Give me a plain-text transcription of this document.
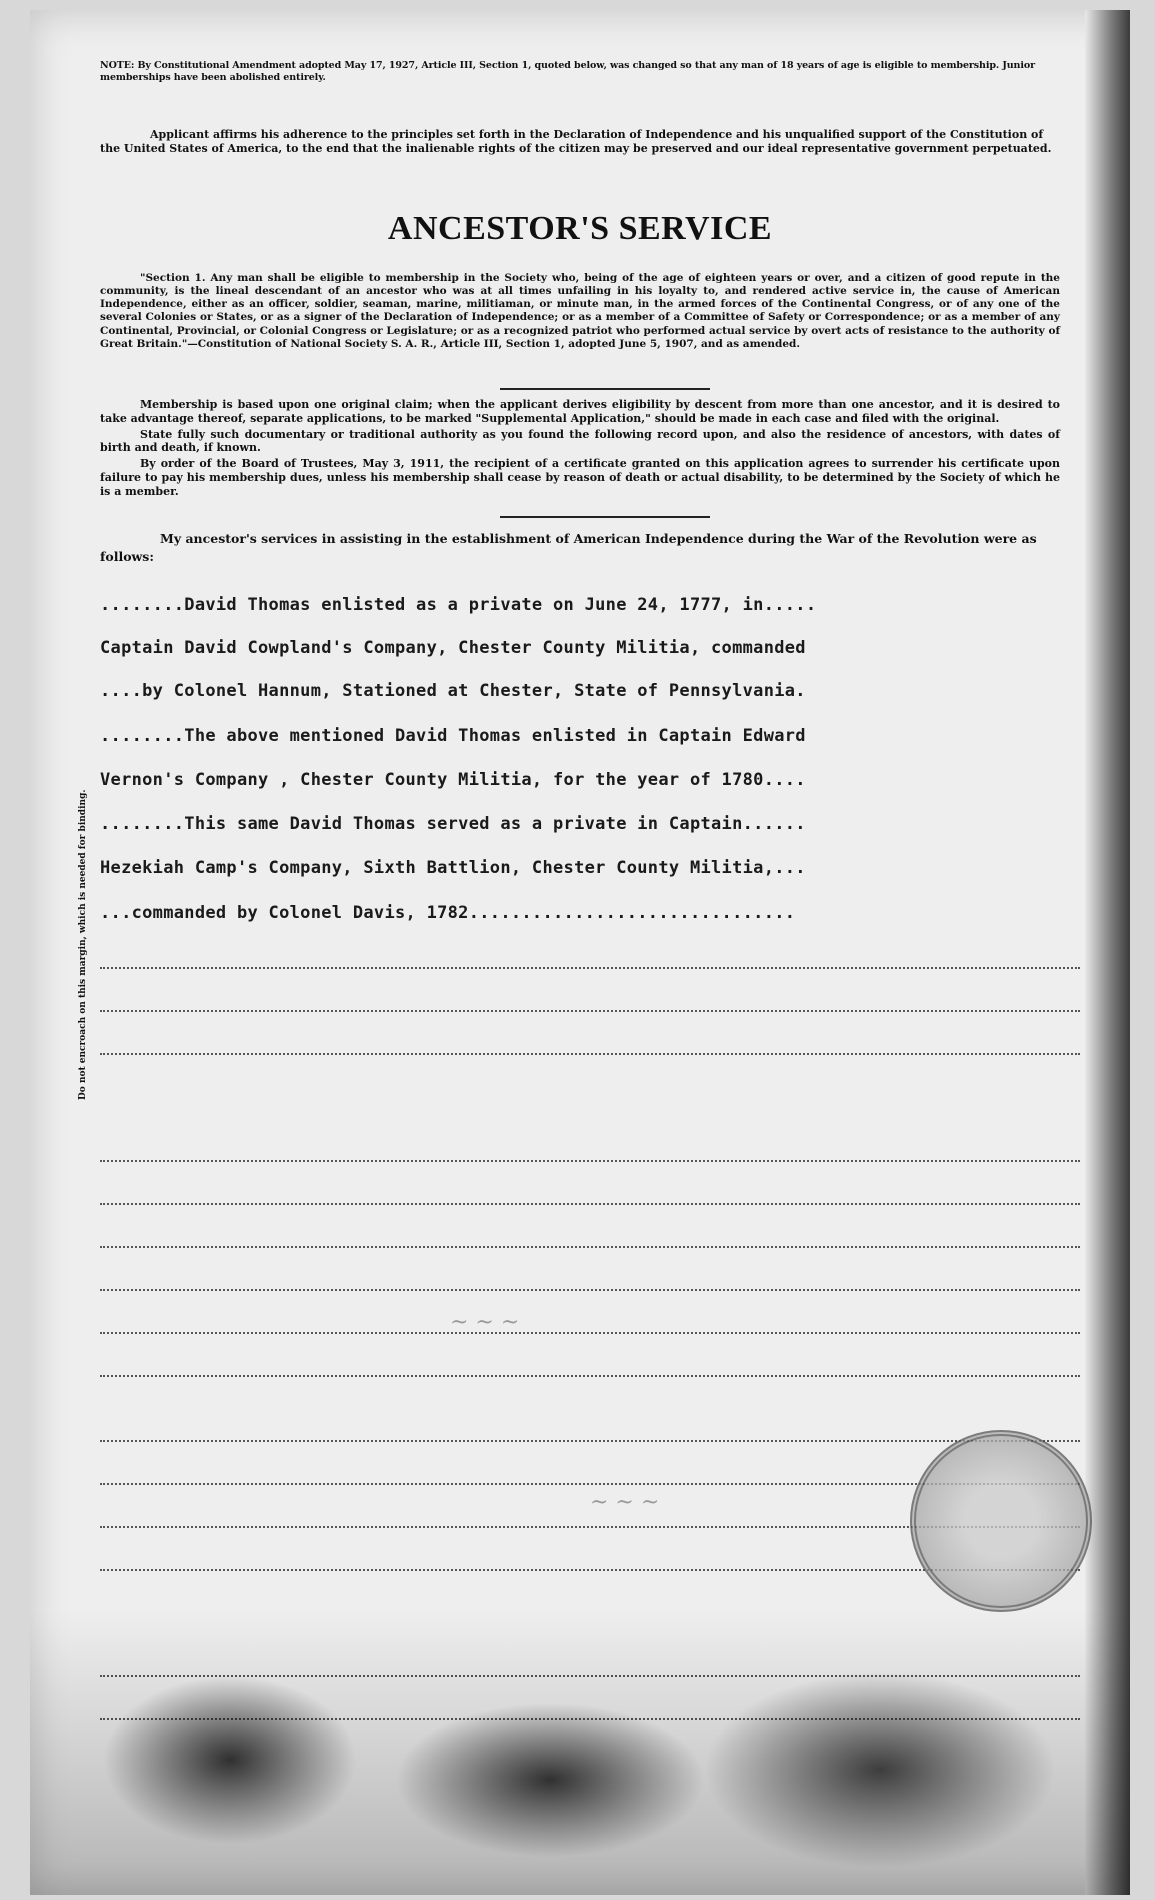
NOTE: By Constitutional Amendment adopted May 17, 1927, Article III, Section 1, quoted below, was changed so that any man of 18 years of age is eligible to membership. Junior memberships have been abolished entirely.
Applicant affirms his adherence to the principles set forth in the Declaration of Independence and his unqualified support of the Constitution of the United States of America, to the end that the inalienable rights of the citizen may be preserved and our ideal representative government perpetuated.
ANCESTOR'S SERVICE
"Section 1. Any man shall be eligible to membership in the Society who, being of the age of eighteen years or over, and a citizen of good repute in the community, is the lineal descendant of an ancestor who was at all times unfailing in his loyalty to, and rendered active service in, the cause of American Independence, either as an officer, soldier, seaman, marine, militiaman, or minute man, in the armed forces of the Continental Congress, or of any one of the several Colonies or States, or as a signer of the Declaration of Independence; or as a member of a Committee of Safety or Correspondence; or as a member of any Continental, Provincial, or Colonial Congress or Legislature; or as a recognized patriot who performed actual service by overt acts of resistance to the authority of Great Britain."—Constitution of National Society S. A. R., Article III, Section 1, adopted June 5, 1907, and as amended.

Membership is based upon one original claim; when the applicant derives eligibility by descent from more than one ancestor, and it is desired to take advantage thereof, separate applications, to be marked "Supplemental Application," should be made in each case and filed with the original.

State fully such documentary or traditional authority as you found the following record upon, and also the residence of ancestors, with dates of birth and death, if known.

By order of the Board of Trustees, May 3, 1911, the recipient of a certificate granted on this application agrees to surrender his certificate upon failure to pay his membership dues, unless his membership shall cease by reason of death or actual disability, to be determined by the Society of which he is a member.

My ancestor's services in assisting in the establishment of American Independence during the War of the Revolution were as follows:
........David Thomas enlisted as a private on June 24, 1777, in.....
Captain David Cowpland's Company, Chester County Militia, commanded
....by Colonel Hannum, Stationed at Chester, State of Pennsylvania.
........The above mentioned David Thomas enlisted in Captain Edward
Vernon's Company , Chester County Militia, for the year of 1780....
........This same David Thomas served as a private in Captain......
Hezekiah Camp's Company, Sixth Battlion, Chester County Militia,...
...commanded by Colonel Davis, 1782...............................
Do not encroach on this margin, which is needed for binding.
~ ~ ~
~ ~ ~
